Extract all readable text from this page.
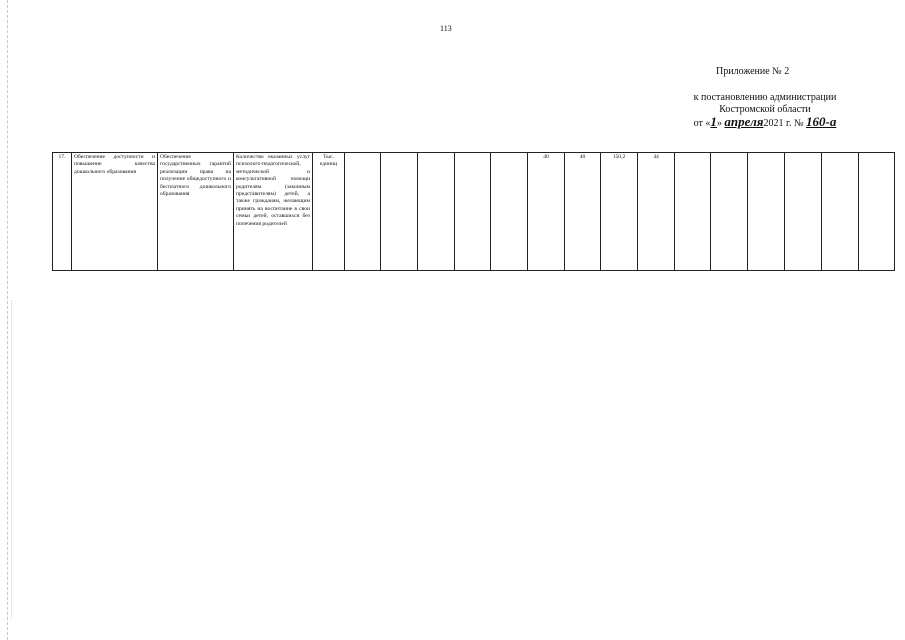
113
Приложение № 2
к постановлению администрации
Костромской области
от «1» апреля2021 г. № 160-а
17.	Обеспечение доступности и повышение качества дошкольного образования	Обеспечение государственных гарантий реализации права на получение общедоступного и бесплатного дошкольного образования	Количество оказанных услуг психолого-педагогической, методической и консультативной помощи родителям (законным представителям) детей, а также гражданам, желающим принять на воспитание в свои семьи детей, оставшихся без попечения родителей	Тыс. единиц						40	40	150,2	44						
